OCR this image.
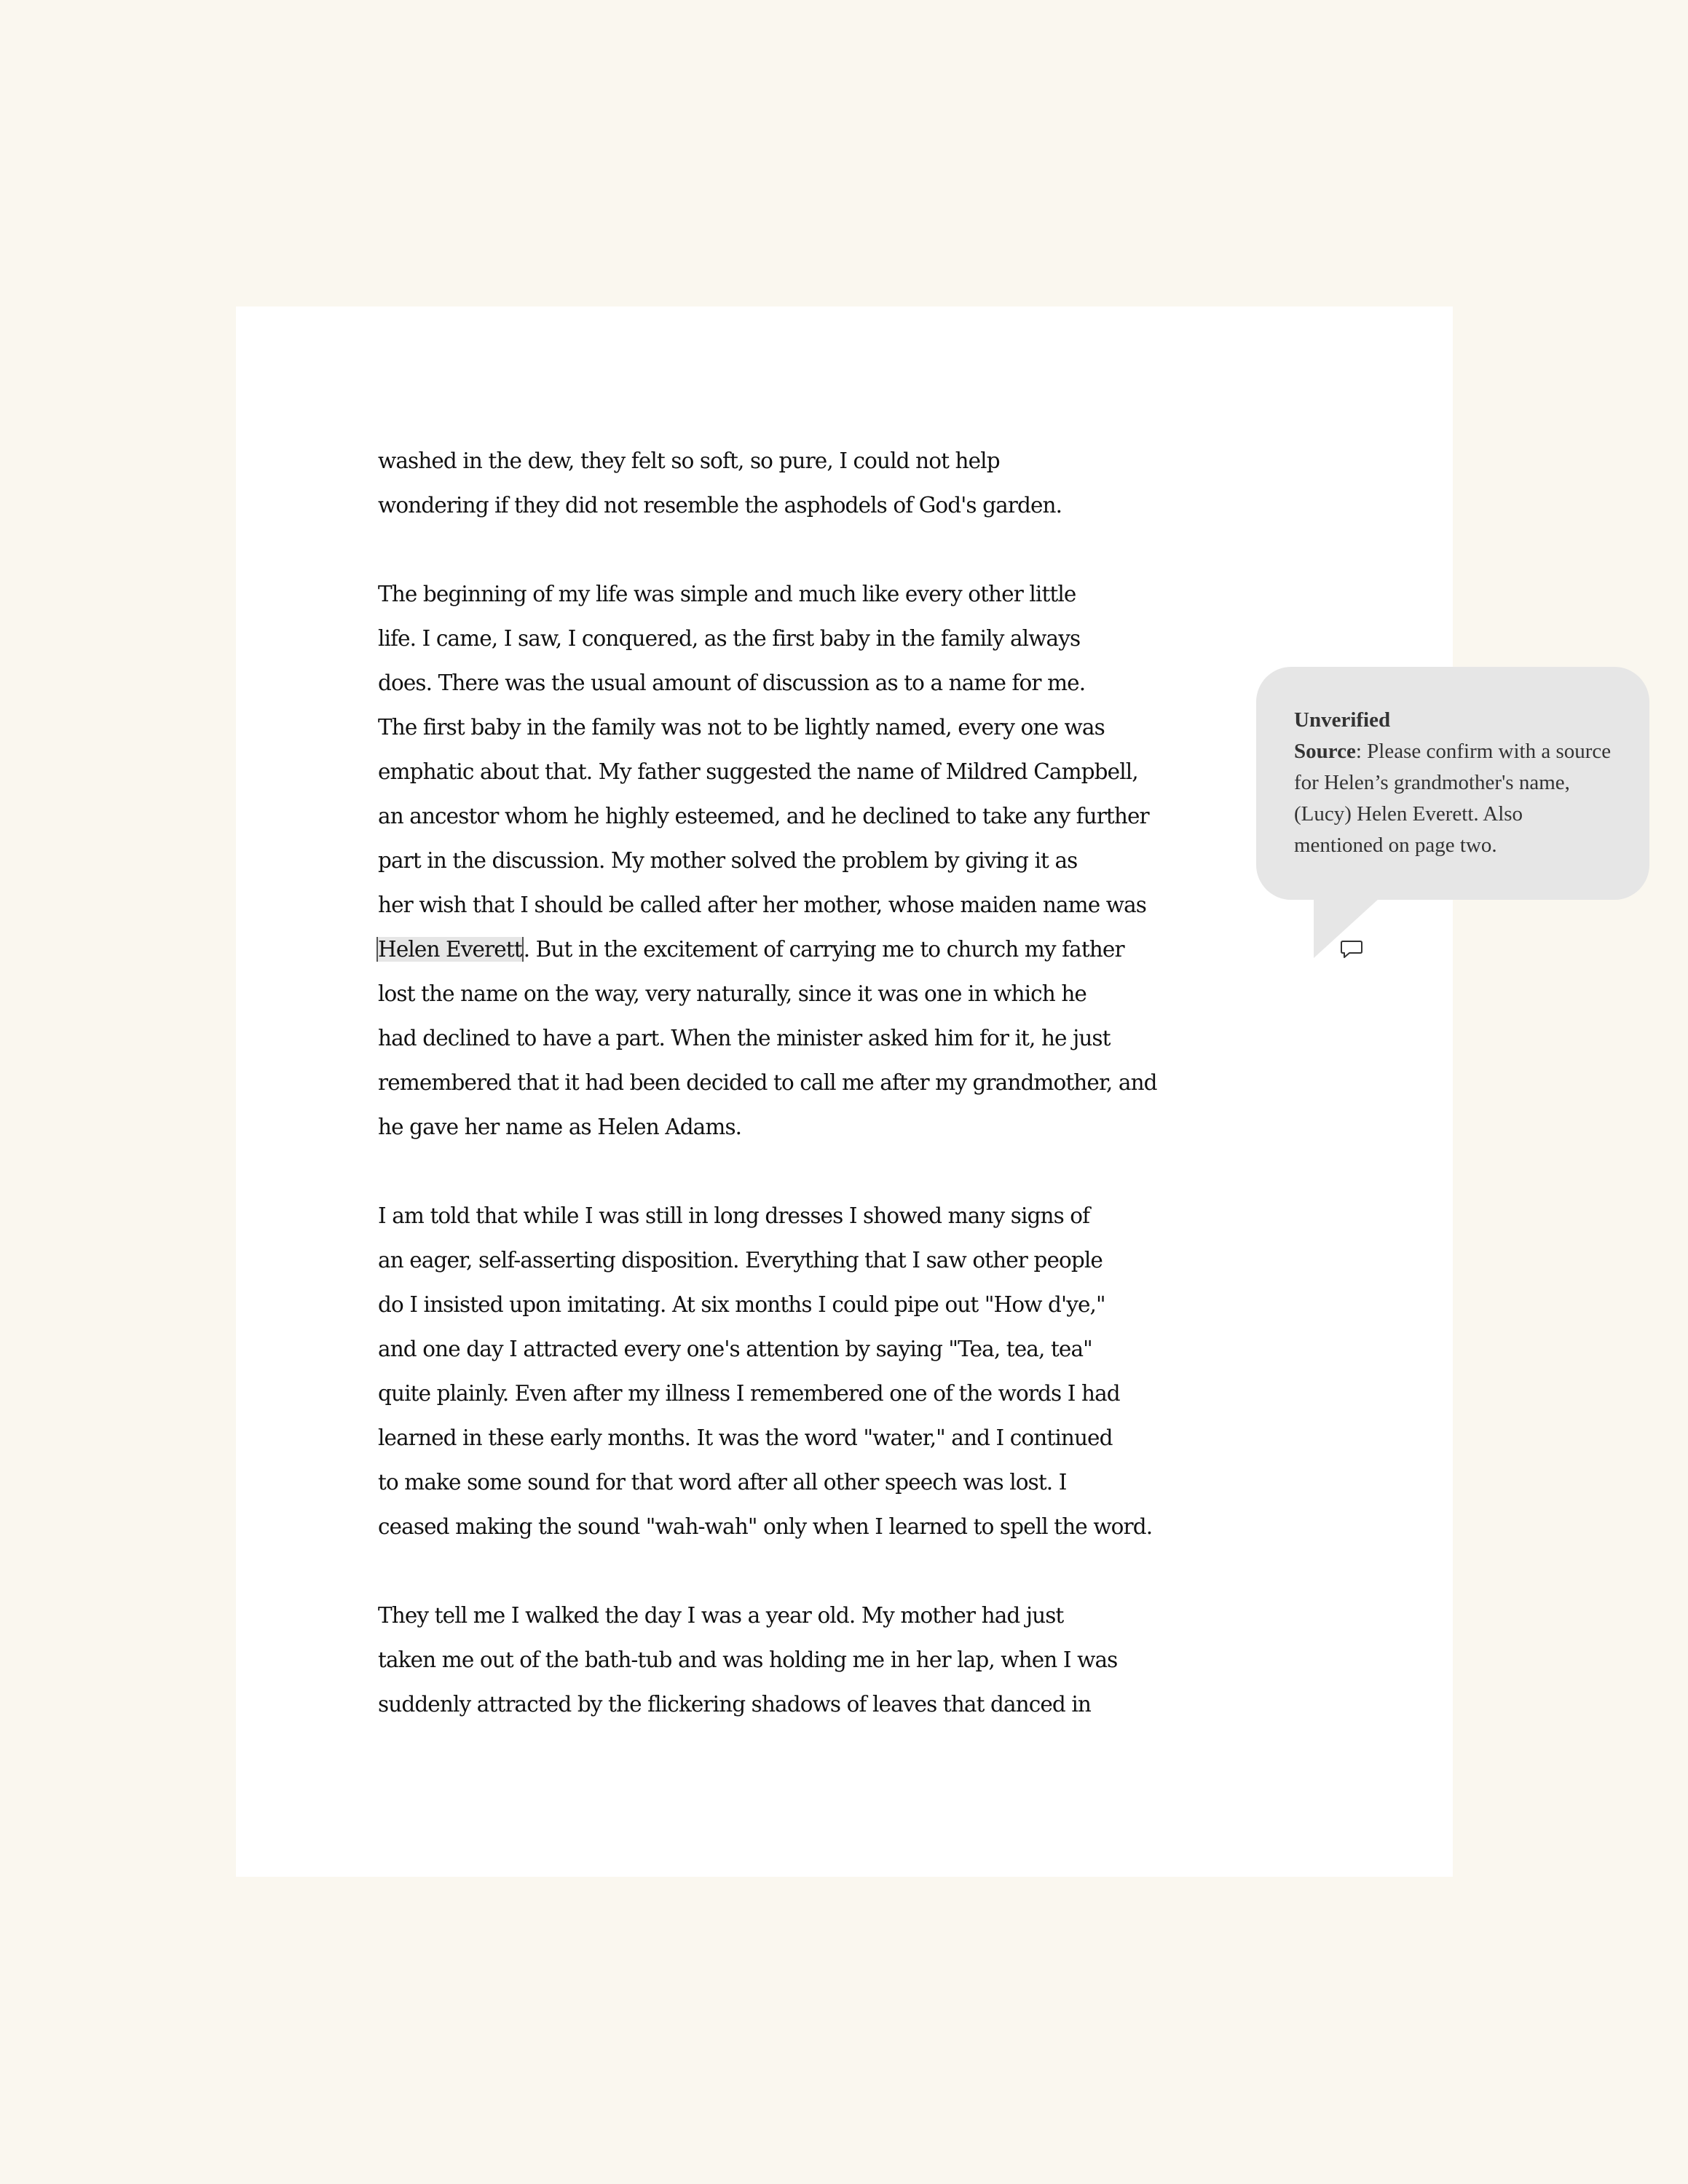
washed in the dew, they felt so soft, so pure, I could not help
wondering if they did not resemble the asphodels of God's garden.
The beginning of my life was simple and much like every other little
life. I came, I saw, I conquered, as the first baby in the family always
does. There was the usual amount of discussion as to a name for me.
The first baby in the family was not to be lightly named, every one was
emphatic about that. My father suggested the name of Mildred Campbell,
an ancestor whom he highly esteemed, and he declined to take any further
part in the discussion. My mother solved the problem by giving it as
her wish that I should be called after her mother, whose maiden name was
Helen Everett. But in the excitement of carrying me to church my father
lost the name on the way, very naturally, since it was one in which he
had declined to have a part. When the minister asked him for it, he just
remembered that it had been decided to call me after my grandmother, and
he gave her name as Helen Adams.
I am told that while I was still in long dresses I showed many signs of
an eager, self-asserting disposition. Everything that I saw other people
do I insisted upon imitating. At six months I could pipe out "How d'ye,"
and one day I attracted every one's attention by saying "Tea, tea, tea"
quite plainly. Even after my illness I remembered one of the words I had
learned in these early months. It was the word "water," and I continued
to make some sound for that word after all other speech was lost. I
ceased making the sound "wah-wah" only when I learned to spell the word.
They tell me I walked the day I was a year old. My mother had just
taken me out of the bath-tub and was holding me in her lap, when I was
suddenly attracted by the flickering shadows of leaves that danced in
Unverified
Source: Please confirm with a source for Helen’s grandmother's name, (Lucy) Helen Everett. Also mentioned on page two.
